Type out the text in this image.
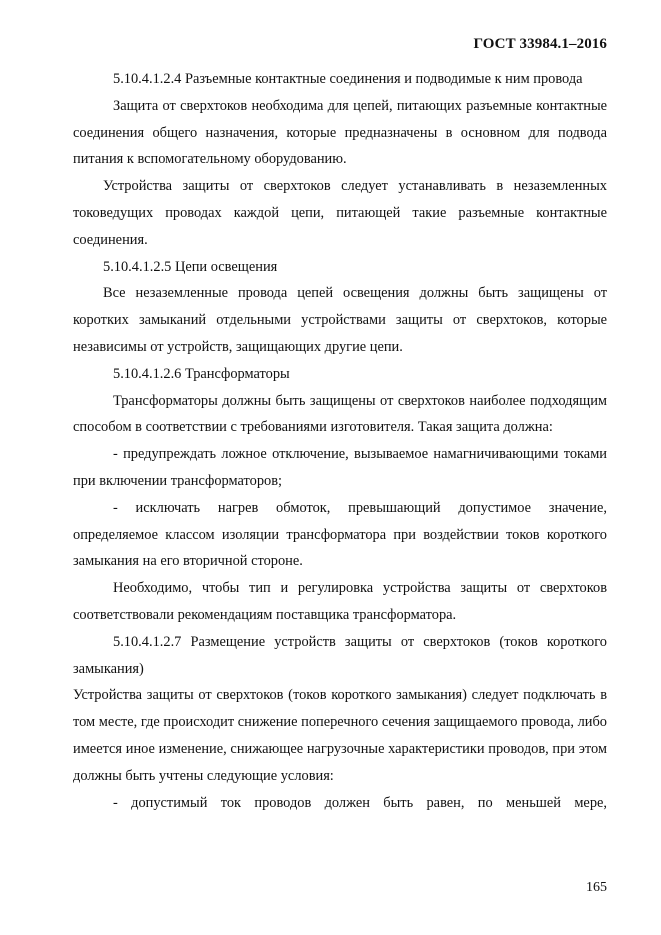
ГОСТ 33984.1–2016

5.10.4.1.2.4 Разъемные контактные соединения и подводимые к ним провода

Защита от сверхтоков необходима для цепей, питающих разъемные контактные соединения общего назначения, которые предназначены в основном для подвода питания к вспомогательному оборудованию.

Устройства защиты от сверхтоков следует устанавливать в незаземленных токоведущих проводах каждой цепи, питающей такие разъемные контактные соединения.

5.10.4.1.2.5 Цепи освещения

Все незаземленные провода цепей освещения должны быть защищены от коротких замыканий отдельными устройствами защиты от сверхтоков, которые независимы от устройств, защищающих другие цепи.

5.10.4.1.2.6 Трансформаторы

Трансформаторы должны быть защищены от сверхтоков наиболее подходящим способом в соответствии с требованиями изготовителя. Такая защита должна:

- предупреждать ложное отключение, вызываемое намагничивающими токами при включении трансформаторов;

- исключать нагрев обмоток, превышающий допустимое значение, определяемое классом изоляции трансформатора при воздействии токов короткого замыкания на его вторичной стороне.

Необходимо, чтобы тип и регулировка устройства защиты от сверхтоков соответствовали рекомендациям поставщика трансформатора.

5.10.4.1.2.7 Размещение устройств защиты от сверхтоков (токов короткого замыкания)

Устройства защиты от сверхтоков (токов короткого замыкания) следует подключать в том месте, где происходит снижение поперечного сечения защищаемого провода, либо имеется иное изменение, снижающее нагрузочные характеристики проводов, при этом должны быть учтены следующие условия:

- допустимый ток проводов должен быть равен, по меньшей мере,

165
